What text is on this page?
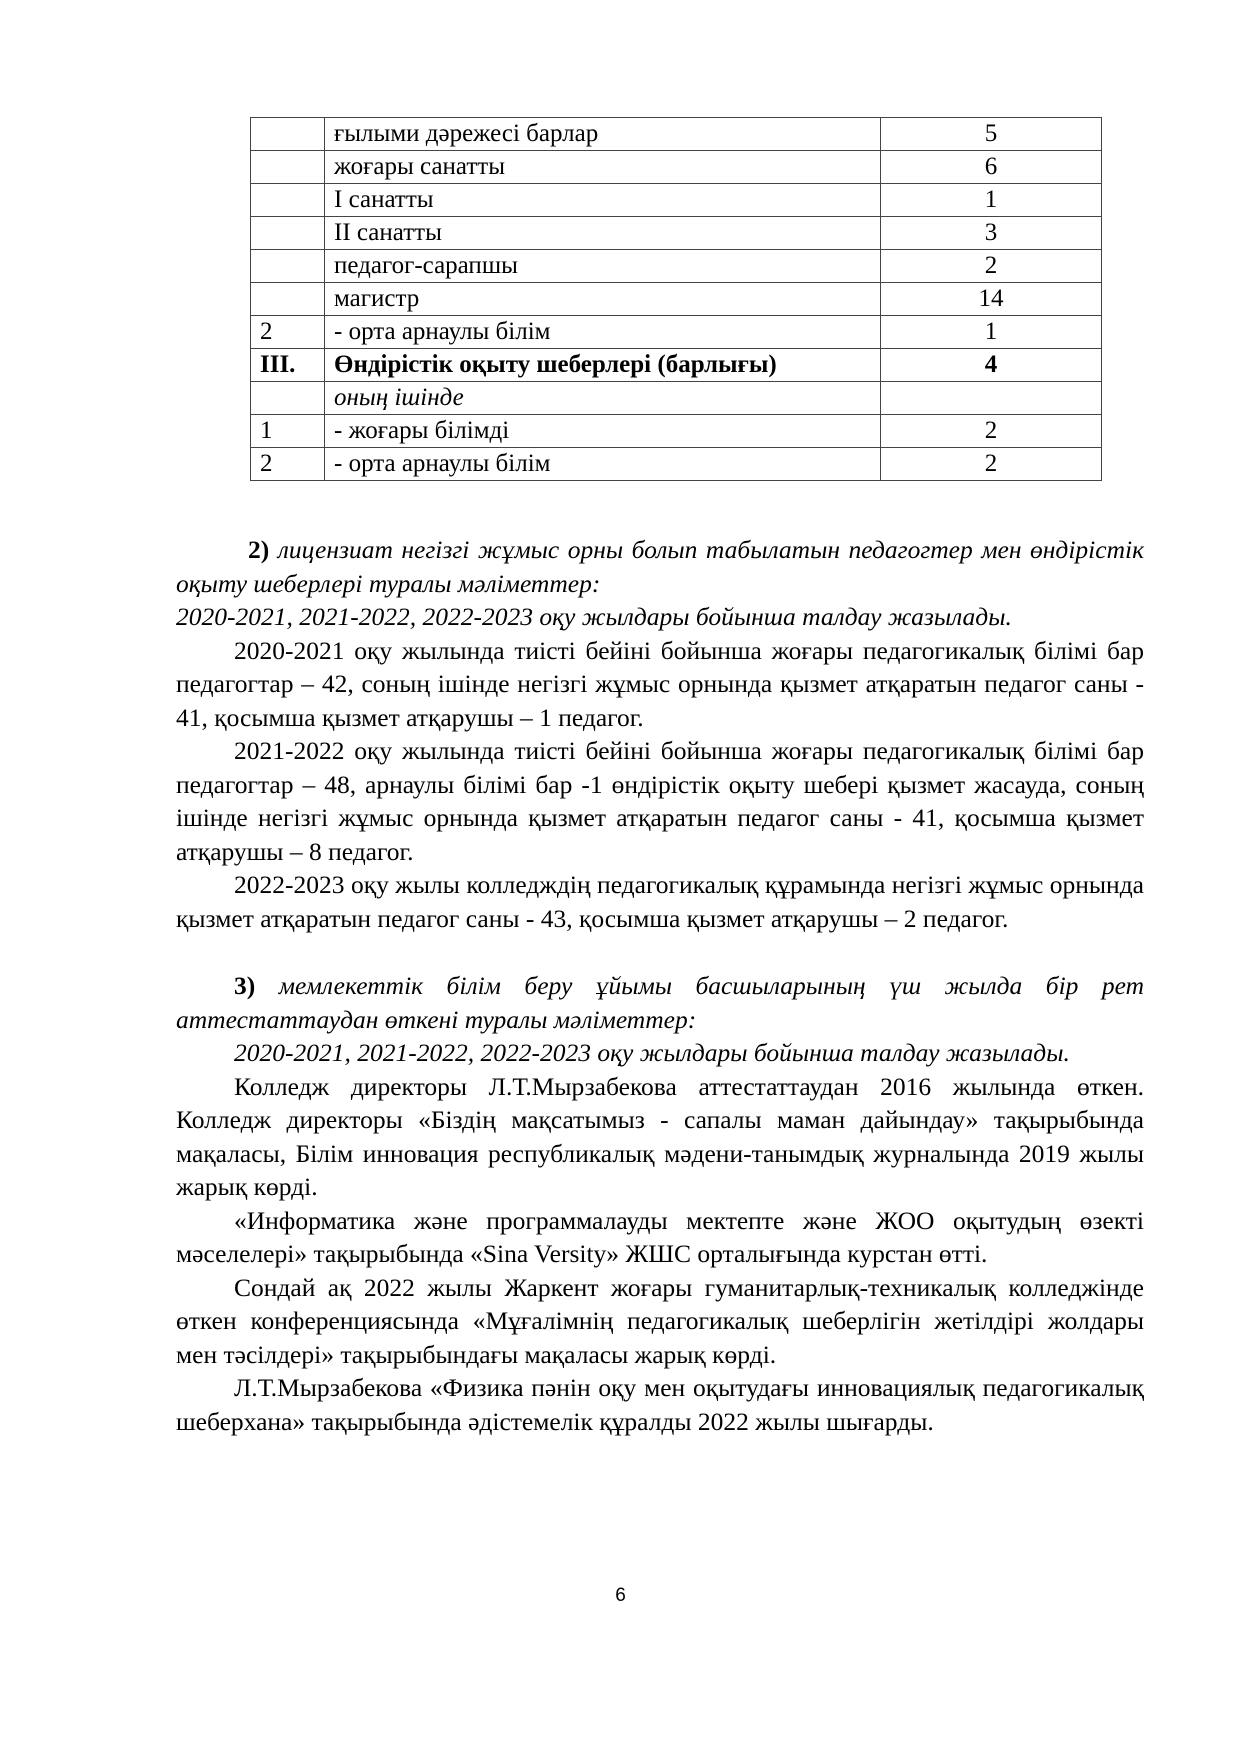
	ғылыми дәрежесі барлар	5
	жоғары санатты	6
	I санатты	1
	II санатты	3
	педагог-сарапшы	2
	магистр	14
2	- орта арнаулы білім	1
III.	Өндірістік оқыту шеберлері (барлығы)	4
	оның ішінде	
1	- жоғары білімді	2
2	- орта арнаулы білім	2

2) лицензиат негізгі жұмыс орны болып табылатын педагогтер мен өндірістік оқыту шеберлері туралы мәліметтер:

2020-2021, 2021-2022, 2022-2023 оқу жылдары бойынша талдау жазылады.

2020-2021 оқу жылында тиісті бейіні бойынша жоғары педагогикалық білімі бар педагогтар – 42, соның ішінде негізгі жұмыс орнында қызмет атқаратын педагог саны - 41, қосымша қызмет атқарушы – 1 педагог.

2021-2022 оқу жылында тиісті бейіні бойынша жоғары педагогикалық білімі бар педагогтар – 48, арнаулы білімі бар -1 өндірістік оқыту шебері қызмет жасауда, соның ішінде негізгі жұмыс орнында қызмет атқаратын педагог саны - 41, қосымша қызмет атқарушы – 8 педагог.

2022-2023 оқу жылы колледждің педагогикалық құрамында негізгі жұмыс орнында қызмет атқаратын педагог саны - 43, қосымша қызмет атқарушы – 2 педагог.

3) мемлекеттік білім беру ұйымы басшыларының үш жылда бір рет аттестаттаудан өткені туралы мәліметтер:

2020-2021, 2021-2022, 2022-2023 оқу жылдары бойынша талдау жазылады.

Колледж директоры Л.Т.Мырзабекова аттестаттаудан 2016 жылында өткен. Колледж директоры «Біздің мақсатымыз - сапалы маман дайындау» тақырыбында мақаласы, Білім инновация республикалық мәдени-танымдық журналында 2019 жылы жарық көрді.

«Информатика және программалауды мектепте және ЖОО оқытудың өзекті мәселелері» тақырыбында «Sina Versity» ЖШС орталығында курстан өтті.

Сондай ақ 2022 жылы Жаркент жоғары гуманитарлық-техникалық колледжінде өткен конференциясында «Мұғалімнің педагогикалық шеберлігін жетілдірі жолдары мен тәсілдері» тақырыбындағы мақаласы жарық көрді.

Л.Т.Мырзабекова «Физика пәнін оқу мен оқытудағы инновациялық педагогикалық шеберхана» тақырыбында әдістемелік құралды 2022 жылы шығарды.

6
